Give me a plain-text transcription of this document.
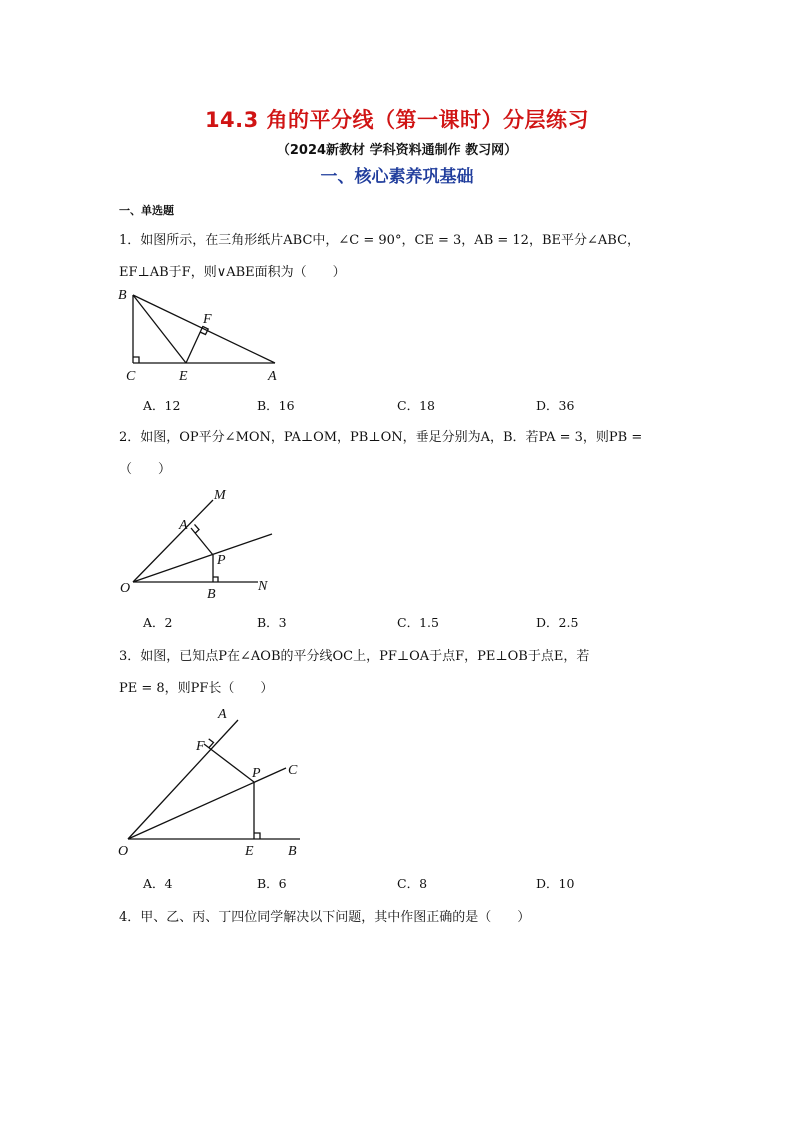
14.3 角的平分线（第一课时）分层练习
（2024新教材 学科资料通制作 教习网）
一、核心素养巩基础
一、单选题
1．如图所示，在三角形纸片ABC中，∠C = 90°，CE = 3，AB = 12，BE平分∠ABC，
EF⊥AB于F，则∨ABE面积为（　　）
B
C	E	A
F
A．12	B．16	C．18	D．36
2．如图，OP平分∠MON，PA⊥OM，PB⊥ON，垂足分别为A，B．若PA = 3，则PB =
（　　）
M
A
P
O	B
N
A．2	B．3	C．1.5	D．2.5
3．如图，已知点P在∠AOB的平分线OC上，PF⊥OA于点F，PE⊥OB于点E，若
PE = 8，则PF长（　　）
A
F
P C
O	E B
A．4	B．6	C．8	D．10
4．甲、乙、丙、丁四位同学解决以下问题，其中作图正确的是（　　）
